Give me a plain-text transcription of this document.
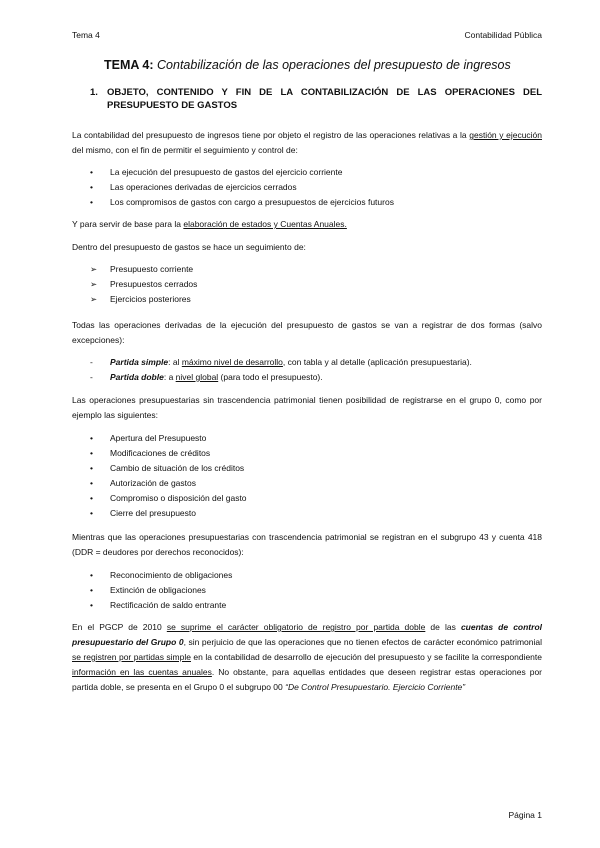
Tema 4	Contabilidad Pública
TEMA 4: Contabilización de las operaciones del presupuesto de ingresos
1. OBJETO, CONTENIDO Y FIN DE LA CONTABILIZACIÓN DE LAS OPERACIONES DEL PRESUPUESTO DE GASTOS
La contabilidad del presupuesto de ingresos tiene por objeto el registro de las operaciones relativas a la gestión y ejecución del mismo, con el fin de permitir el seguimiento y control de:
•	La ejecución del presupuesto de gastos del ejercicio corriente
•	Las operaciones derivadas de ejercicios cerrados
•	Los compromisos de gastos con cargo a presupuestos de ejercicios futuros
Y para servir de base para la elaboración de estados y Cuentas Anuales.
Dentro del presupuesto de gastos se hace un seguimiento de:
➢	Presupuesto corriente
➢	Presupuestos cerrados
➢	Ejercicios posteriores
Todas las operaciones derivadas de la ejecución del presupuesto de gastos se van a registrar de dos formas (salvo excepciones):
-	Partida simple: al máximo nivel de desarrollo, con tabla y al detalle (aplicación presupuestaria).
-	Partida doble: a nivel global (para todo el presupuesto).
Las operaciones presupuestarias sin trascendencia patrimonial tienen posibilidad de registrarse en el grupo 0, como por ejemplo las siguientes:
•	Apertura del Presupuesto
•	Modificaciones de créditos
•	Cambio de situación de los créditos
•	Autorización de gastos
•	Compromiso o disposición del gasto
•	Cierre del presupuesto
Mientras que las operaciones presupuestarias con trascendencia patrimonial se registran en el subgrupo 43 y cuenta 418 (DDR = deudores por derechos reconocidos):
•	Reconocimiento de obligaciones
•	Extinción de obligaciones
•	Rectificación de saldo entrante
En el PGCP de 2010 se suprime el carácter obligatorio de registro por partida doble de las cuentas de control presupuestario del Grupo 0, sin perjuicio de que las operaciones que no tienen efectos de carácter económico patrimonial se registren por partidas simple en la contabilidad de desarrollo de ejecución del presupuesto y se facilite la correspondiente información en las cuentas anuales. No obstante, para aquellas entidades que deseen registrar estas operaciones por partida doble, se presenta en el Grupo 0 el subgrupo 00 “De Control Presupuestario. Ejercicio Corriente”
Página 1
